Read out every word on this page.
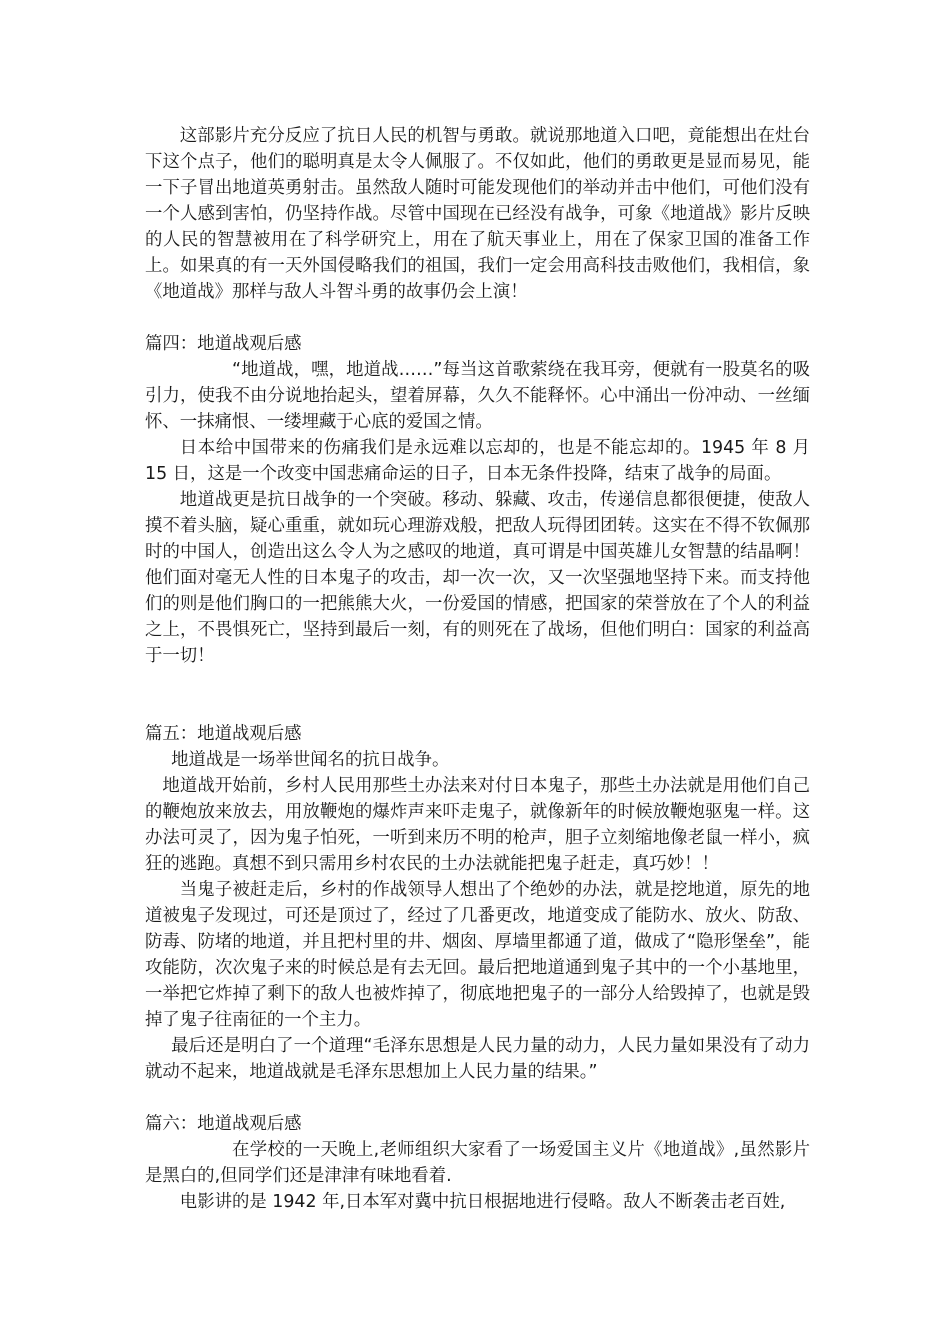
这部影片充分反应了抗日人民的机智与勇敢。就说那地道入口吧，竟能想出在灶台下这个点子，他们的聪明真是太令人佩服了。不仅如此，他们的勇敢更是显而易见，能一下子冒出地道英勇射击。虽然敌人随时可能发现他们的举动并击中他们，可他们没有一个人感到害怕，仍坚持作战。尽管中国现在已经没有战争，可象《地道战》影片反映的人民的智慧被用在了科学研究上，用在了航天事业上，用在了保家卫国的准备工作上。如果真的有一天外国侵略我们的祖国，我们一定会用高科技击败他们，我相信，象《地道战》那样与敌人斗智斗勇的故事仍会上演！

篇四：地道战观后感

“地道战，嘿，地道战……”每当这首歌萦绕在我耳旁，便就有一股莫名的吸引力，使我不由分说地抬起头，望着屏幕，久久不能释怀。心中涌出一份冲动、一丝缅怀、一抹痛恨、一缕埋藏于心底的爱国之情。

日本给中国带来的伤痛我们是永远难以忘却的，也是不能忘却的。1945 年 8 月 15 日，这是一个改变中国悲痛命运的日子，日本无条件投降，结束了战争的局面。

地道战更是抗日战争的一个突破。移动、躲藏、攻击，传递信息都很便捷，使敌人摸不着头脑，疑心重重，就如玩心理游戏般，把敌人玩得团团转。这实在不得不钦佩那时的中国人，创造出这么令人为之感叹的地道，真可谓是中国英雄儿女智慧的结晶啊！他们面对毫无人性的日本鬼子的攻击，却一次一次，又一次坚强地坚持下来。而支持他们的则是他们胸口的一把熊熊大火，一份爱国的情感，把国家的荣誉放在了个人的利益之上，不畏惧死亡，坚持到最后一刻，有的则死在了战场，但他们明白：国家的利益高于一切！

篇五：地道战观后感

地道战是一场举世闻名的抗日战争。

地道战开始前，乡村人民用那些土办法来对付日本鬼子，那些土办法就是用他们自己的鞭炮放来放去，用放鞭炮的爆炸声来吓走鬼子，就像新年的时候放鞭炮驱鬼一样。这办法可灵了，因为鬼子怕死，一听到来历不明的枪声，胆子立刻缩地像老鼠一样小，疯狂的逃跑。真想不到只需用乡村农民的土办法就能把鬼子赶走，真巧妙！！

当鬼子被赶走后，乡村的作战领导人想出了个绝妙的办法，就是挖地道，原先的地道被鬼子发现过，可还是顶过了，经过了几番更改，地道变成了能防水、放火、防敌、防毒、防堵的地道，并且把村里的井、烟囱、厚墙里都通了道，做成了“隐形堡垒”，能攻能防，次次鬼子来的时候总是有去无回。最后把地道通到鬼子其中的一个小基地里，一举把它炸掉了剩下的敌人也被炸掉了，彻底地把鬼子的一部分人给毁掉了，也就是毁掉了鬼子往南征的一个主力。

最后还是明白了一个道理“毛泽东思想是人民力量的动力，人民力量如果没有了动力就动不起来，地道战就是毛泽东思想加上人民力量的结果。”

篇六：地道战观后感

在学校的一天晚上,老师组织大家看了一场爱国主义片《地道战》,虽然影片是黑白的,但同学们还是津津有味地看着.

电影讲的是 1942 年,日本军对冀中抗日根据地进行侵略。敌人不断袭击老百姓,
